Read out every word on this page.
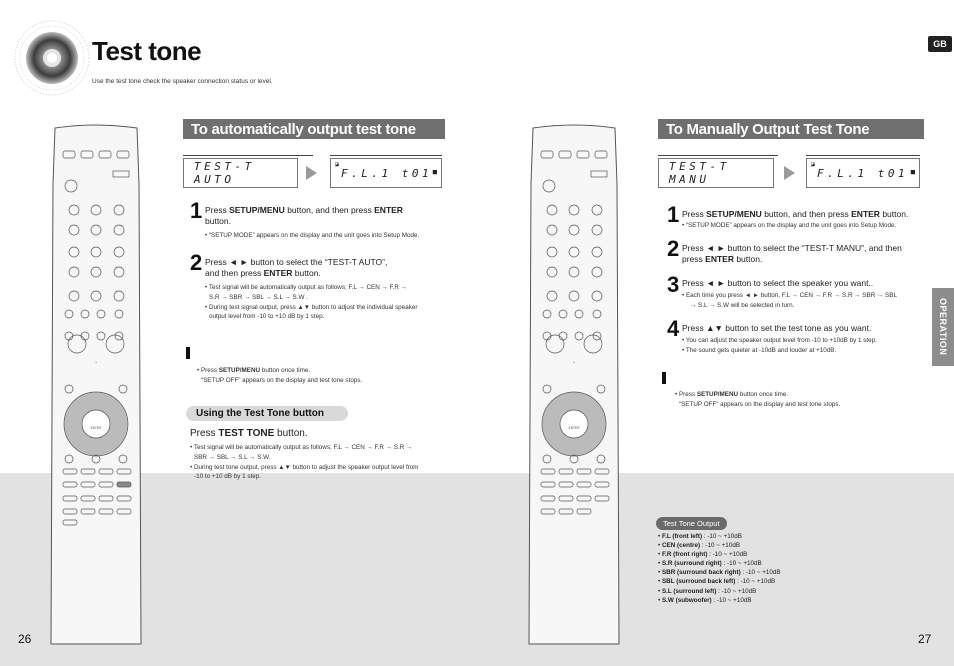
Test tone
Use the test tone check the speaker connection status or level.
GB
OPERATION
+
ENTER
+
ENTER
To automatically output test tone
TEST-T AUTO
◪
F.L.1 t01 ■
1 Press SETUP/MENU button, and then press ENTER
button.
• “SETUP MODE” appears on the display and the unit goes into Setup Mode.
2 Press ◄ ► button to select the “TEST-T AUTO”,
and then press ENTER button.
• Test signal will be automatically output as follows; F.L → CEN → F.R →
S.R → SBR → SBL → S.L → S.W .
• During test signal output, press ▲▼ button to adjust the individual speaker
output level from -10 to +10 dB by 1 step.
• Press SETUP/MENU button once time.
“SETUP OFF” appears on the display and test tone stops.
Using the Test Tone button
Press TEST TONE button.
• Test signal will be automatically output as follows; F.L → CEN → F.R → S.R →
SBR → SBL → S.L → S.W.
• During test tone output, press ▲▼ button to adjust the speaker output level from
-10 to +10 dB by 1 step.
To Manually Output Test Tone
TEST-T MANU
◪
F.L.1 t01 ■
1 Press SETUP/MENU button, and then press ENTER button.
• “SETUP MODE” appears on the display and the unit goes into Setup Mode.
2 Press ◄ ► button to select the “TEST-T MANU”, and then
press ENTER button.
3 Press ◄ ► button to select the speaker you want..
• Each time you press ◄ ► button, F.L → CEN → F.R → S.R → SBR → SBL
→ S.L → S.W will be selected in turn.
4 Press ▲▼ button to set the test tone as you want.
• You can adjust the speaker output level from -10 to +10dB by 1 step.
• The sound gets quieter at -10dB and louder at +10dB.
• Press SETUP/MENU button once time.
“SETUP OFF” appears on the display and test tone stops.
Test Tone Output
• F.L (front left) : -10 ~ +10dB
• CEN (centre) : -10 ~ +10dB
• F.R (front right) : -10 ~ +10dB
• S.R (surround right) : -10 ~ +10dB
• SBR (surround back right) : -10 ~ +10dB
• SBL (surround back left) : -10 ~ +10dB
• S.L (surround left) : -10 ~ +10dB
• S.W (subwoofer) : -10 ~ +10dB
26	27
